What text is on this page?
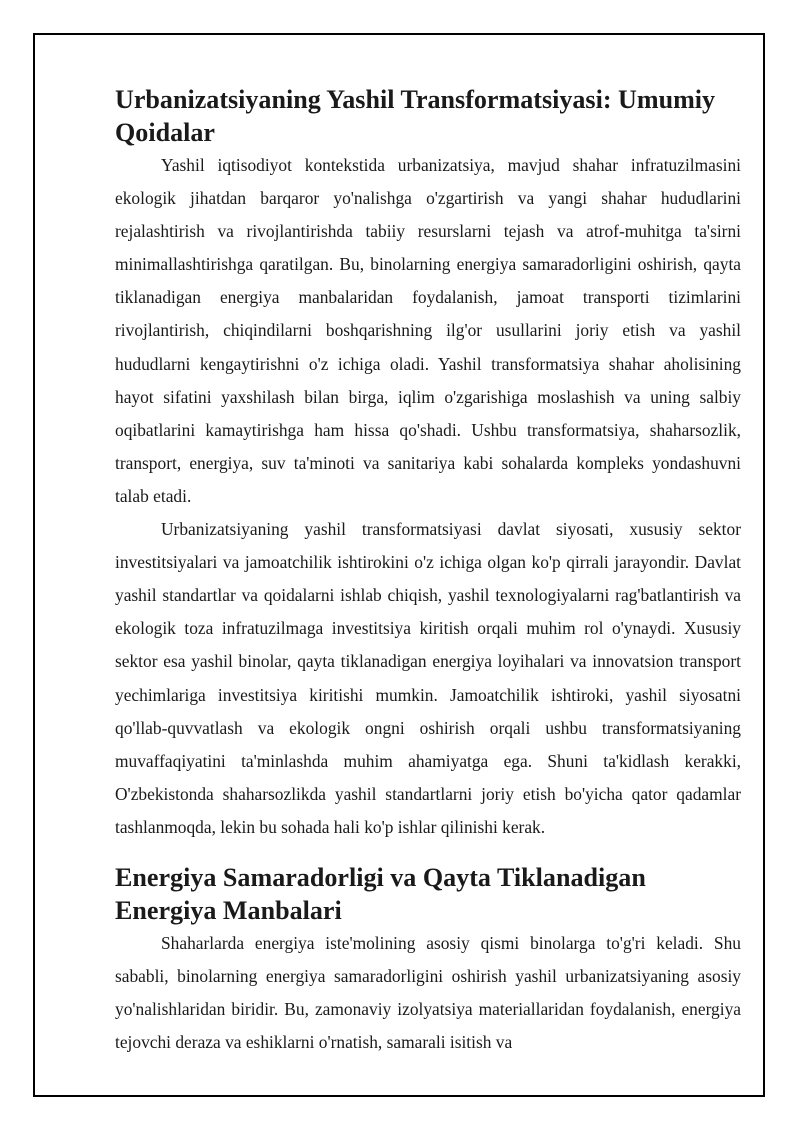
Urbanizatsiyaning Yashil Transformatsiyasi: Umumiy Qoidalar

Yashil iqtisodiyot kontekstida urbanizatsiya, mavjud shahar infratuzilmasini ekologik jihatdan barqaror yo'nalishga o'zgartirish va yangi shahar hududlarini rejalashtirish va rivojlantirishda tabiiy resurslarni tejash va atrof-muhitga ta'sirni minimallashtirishga qaratilgan. Bu, binolarning energiya samaradorligini oshirish, qayta tiklanadigan energiya manbalaridan foydalanish, jamoat transporti tizimlarini rivojlantirish, chiqindilarni boshqarishning ilg'or usullarini joriy etish va yashil hududlarni kengaytirishni o'z ichiga oladi. Yashil transformatsiya shahar aholisining hayot sifatini yaxshilash bilan birga, iqlim o'zgarishiga moslashish va uning salbiy oqibatlarini kamaytirishga ham hissa qo'shadi. Ushbu transformatsiya, shaharsozlik, transport, energiya, suv ta'minoti va sanitariya kabi sohalarda kompleks yondashuvni talab etadi.

Urbanizatsiyaning yashil transformatsiyasi davlat siyosati, xususiy sektor investitsiyalari va jamoatchilik ishtirokini o'z ichiga olgan ko'p qirrali jarayondir. Davlat yashil standartlar va qoidalarni ishlab chiqish, yashil texnologiyalarni rag'batlantirish va ekologik toza infratuzilmaga investitsiya kiritish orqali muhim rol o'ynaydi. Xususiy sektor esa yashil binolar, qayta tiklanadigan energiya loyihalari va innovatsion transport yechimlariga investitsiya kiritishi mumkin. Jamoatchilik ishtiroki, yashil siyosatni qo'llab-quvvatlash va ekologik ongni oshirish orqali ushbu transformatsiyaning muvaffaqiyatini ta'minlashda muhim ahamiyatga ega. Shuni ta'kidlash kerakki, O'zbekistonda shaharsozlikda yashil standartlarni joriy etish bo'yicha qator qadamlar tashlanmoqda, lekin bu sohada hali ko'p ishlar qilinishi kerak.

Energiya Samaradorligi va Qayta Tiklanadigan Energiya Manbalari

Shaharlarda energiya iste'molining asosiy qismi binolarga to'g'ri keladi. Shu sababli, binolarning energiya samaradorligini oshirish yashil urbanizatsiyaning asosiy yo'nalishlaridan biridir. Bu, zamonaviy izolyatsiya materiallaridan foydalanish, energiya tejovchi deraza va eshiklarni o'rnatish, samarali isitish va
